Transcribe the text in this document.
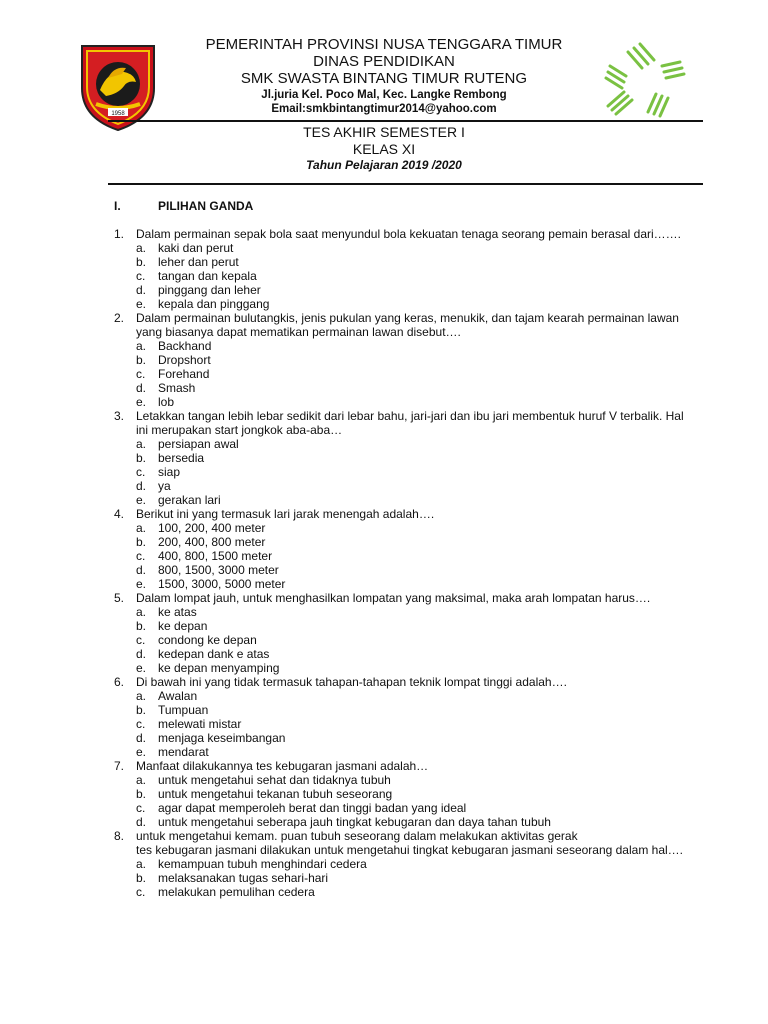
1958
PEMERINTAH PROVINSI NUSA TENGGARA TIMUR
DINAS PENDIDIKAN
SMK SWASTA BINTANG TIMUR RUTENG
Jl.juria Kel. Poco Mal, Kec. Langke Rembong
Email:smkbintangtimur2014@yahoo.com
TES AKHIR SEMESTER I
KELAS XI
Tahun Pelajaran 2019 /2020
I.	PILIHAN GANDA
1. Dalam permainan sepak bola saat menyundul bola kekuatan tenaga seorang pemain berasal dari…….
a. kaki dan perut
b. leher dan perut
c. tangan dan kepala
d. pinggang dan leher
e. kepala dan pinggang
2. Dalam permainan bulutangkis, jenis pukulan yang keras, menukik, dan tajam kearah permainan lawan yang biasanya dapat mematikan permainan lawan disebut….
a. Backhand
b. Dropshort
c. Forehand
d. Smash
e. lob
3. Letakkan tangan lebih lebar sedikit dari lebar bahu, jari-jari dan ibu jari membentuk huruf V terbalik. Hal ini merupakan start jongkok aba-aba…
a. persiapan awal
b. bersedia
c. siap
d. ya
e. gerakan lari
4. Berikut ini yang termasuk lari jarak menengah adalah….
a. 100, 200, 400 meter
b. 200, 400, 800 meter
c. 400, 800, 1500 meter
d. 800, 1500, 3000 meter
e. 1500, 3000, 5000 meter
5. Dalam lompat jauh, untuk menghasilkan lompatan yang maksimal, maka arah lompatan harus….
a. ke atas
b. ke depan
c. condong ke depan
d. kedepan dank e atas
e. ke depan menyamping
6. Di bawah ini yang tidak termasuk tahapan-tahapan teknik lompat tinggi adalah….
a. Awalan
b. Tumpuan
c. melewati mistar
d. menjaga keseimbangan
e. mendarat
7. Manfaat dilakukannya tes kebugaran jasmani adalah…
a. untuk mengetahui sehat dan tidaknya tubuh
b. untuk mengetahui tekanan tubuh seseorang
c. agar dapat memperoleh berat dan tinggi badan yang ideal
d. untuk mengetahui seberapa jauh tingkat kebugaran dan daya tahan tubuh
8. untuk mengetahui kemam. puan tubuh seseorang dalam melakukan aktivitas gerak
tes kebugaran jasmani dilakukan untuk mengetahui tingkat kebugaran jasmani seseorang dalam hal….
a. kemampuan tubuh menghindari cedera
b. melaksanakan tugas sehari-hari
c. melakukan pemulihan cedera
